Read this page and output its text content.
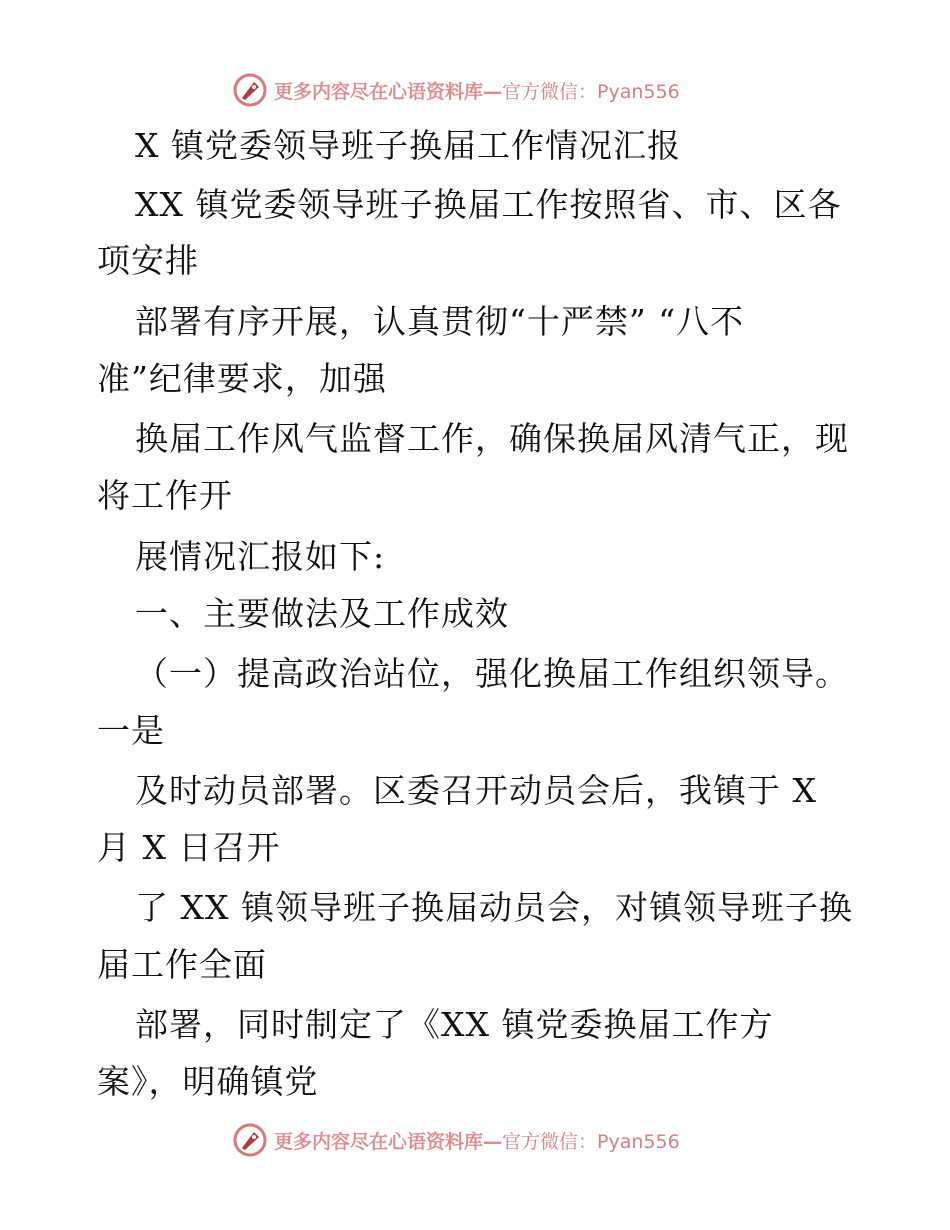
更多内容尽在心语资料库— 官方微信：Pyan556
X 镇党委领导班子换届工作情况汇报
XX 镇党委领导班子换届工作按照省、市、区各
项安排
部署有序开展，认真贯彻“十严禁” “八不
准”纪律要求，加强
换届工作风气监督工作，确保换届风清气正，现
将工作开
展情况汇报如下:
一、主要做法及工作成效
（一）提高政治站位，强化换届工作组织领导。
一是
及时动员部署。区委召开动员会后，我镇于 X
月 X 日召开
了 XX 镇领导班子换届动员会，对镇领导班子换
届工作全面
部署，同时制定了《XX 镇党委换届工作方
案》，明确镇党
更多内容尽在心语资料库— 官方微信：Pyan556
